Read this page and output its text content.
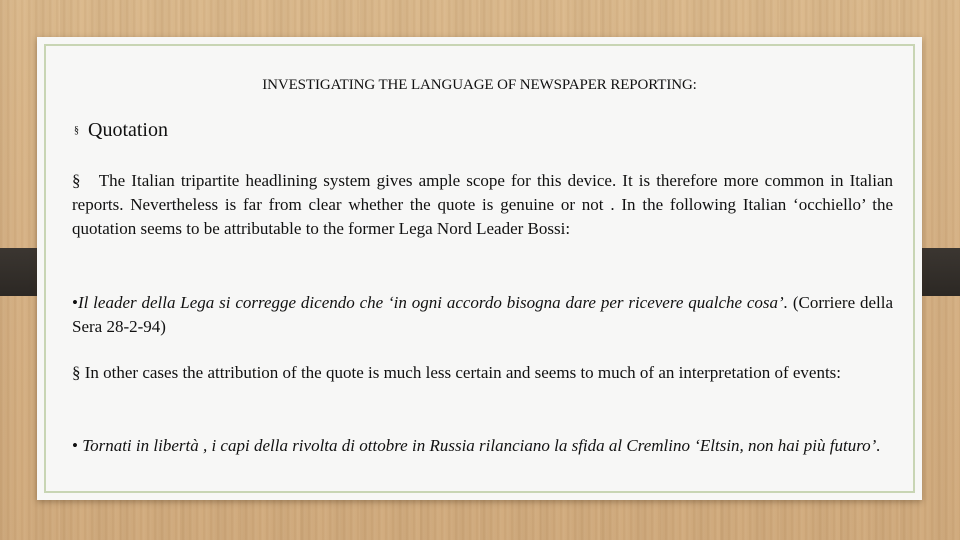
INVESTIGATING THE LANGUAGE OF NEWSPAPER REPORTING:
§ Quotation
§ The Italian tripartite headlining system gives ample scope for this device. It is therefore more common in Italian reports. Nevertheless is far from clear whether the quote is genuine or not . In the following Italian ‘occhiello’ the quotation seems to be attributable to the former Lega Nord Leader Bossi:
•Il leader della Lega si corregge dicendo che ‘in ogni accordo bisogna dare per ricevere qualche cosa’. (Corriere della Sera 28-2-94)
§ In other cases the attribution of the quote is much less certain and seems to much of an interpretation of events:
• Tornati in libertà , i capi della rivolta di ottobre in Russia rilanciano la sfida al Cremlino ‘Eltsin, non hai più futuro’.
